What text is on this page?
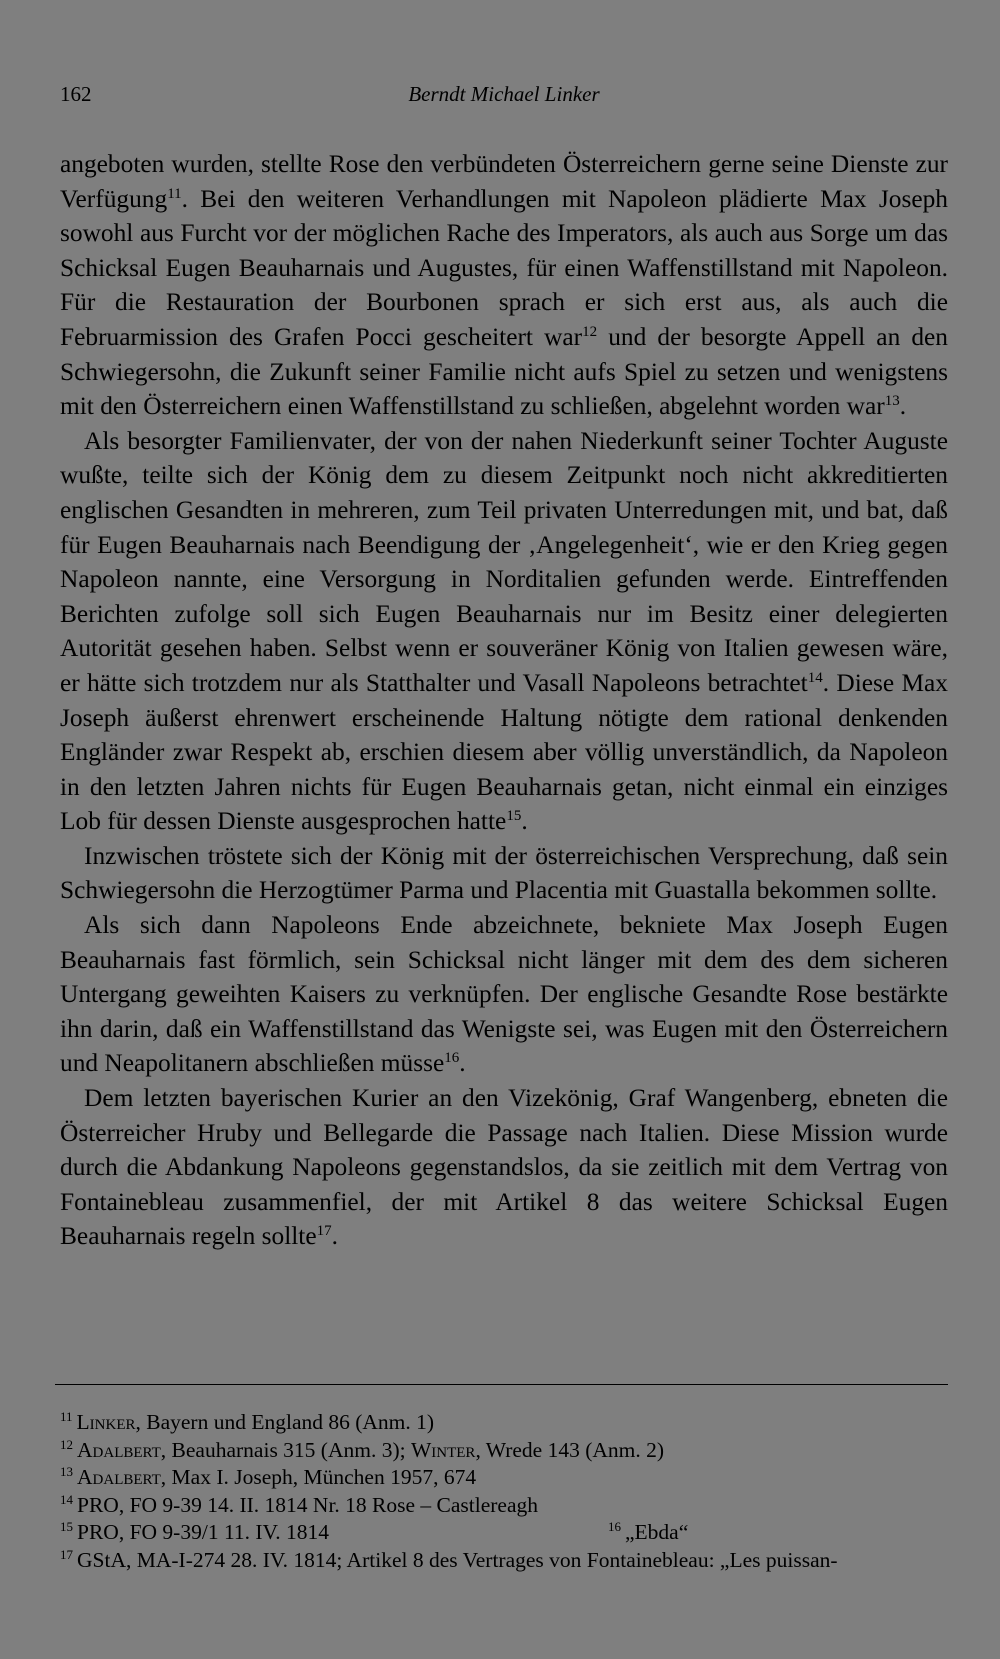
162	Berndt Michael Linker

angeboten wurden, stellte Rose den verbündeten Österreichern gerne seine Dienste zur Verfügung$^{11}$. Bei den weiteren Verhandlungen mit Napoleon plädierte Max Joseph sowohl aus Furcht vor der möglichen Rache des Imperators, als auch aus Sorge um das Schicksal Eugen Beauharnais und Augustes, für einen Waffenstillstand mit Napoleon. Für die Restauration der Bourbonen sprach er sich erst aus, als auch die Februarmission des Grafen Pocci gescheitert war$^{12}$ und der besorgte Appell an den Schwiegersohn, die Zukunft seiner Familie nicht aufs Spiel zu setzen und wenigstens mit den Österreichern einen Waffenstillstand zu schließen, abgelehnt worden war$^{13}$.

Als besorgter Familienvater, der von der nahen Niederkunft seiner Tochter Auguste wußte, teilte sich der König dem zu diesem Zeitpunkt noch nicht akkreditierten englischen Gesandten in mehreren, zum Teil privaten Unterredungen mit, und bat, daß für Eugen Beauharnais nach Beendigung der ‚Angelegenheit‘, wie er den Krieg gegen Napoleon nannte, eine Versorgung in Norditalien gefunden werde. Eintreffenden Berichten zufolge soll sich Eugen Beauharnais nur im Besitz einer delegierten Autorität gesehen haben. Selbst wenn er souveräner König von Italien gewesen wäre, er hätte sich trotzdem nur als Statthalter und Vasall Napoleons betrachtet$^{14}$. Diese Max Joseph äußerst ehrenwert erscheinende Haltung nötigte dem rational denkenden Engländer zwar Respekt ab, erschien diesem aber völlig unverständlich, da Napoleon in den letzten Jahren nichts für Eugen Beauharnais getan, nicht einmal ein einziges Lob für dessen Dienste ausgesprochen hatte$^{15}$.

Inzwischen tröstete sich der König mit der österreichischen Versprechung, daß sein Schwiegersohn die Herzogtümer Parma und Placentia mit Guastalla bekommen sollte.

Als sich dann Napoleons Ende abzeichnete, bekniete Max Joseph Eugen Beauharnais fast förmlich, sein Schicksal nicht länger mit dem des dem sicheren Untergang geweihten Kaisers zu verknüpfen. Der englische Gesandte Rose bestärkte ihn darin, daß ein Waffenstillstand das Wenigste sei, was Eugen mit den Österreichern und Neapolitanern abschließen müsse$^{16}$.

Dem letzten bayerischen Kurier an den Vizekönig, Graf Wangenberg, ebneten die Österreicher Hruby und Bellegarde die Passage nach Italien. Diese Mission wurde durch die Abdankung Napoleons gegenstandslos, da sie zeitlich mit dem Vertrag von Fontainebleau zusammenfiel, der mit Artikel 8 das weitere Schicksal Eugen Beauharnais regeln sollte$^{17}$.

$^{11}$ Linker, Bayern und England 86 (Anm. 1)

$^{12}$ Adalbert, Beauharnais 315 (Anm. 3); Winter, Wrede 143 (Anm. 2)

$^{13}$ Adalbert, Max I. Joseph, München 1957, 674

$^{14}$ PRO, FO 9-39 14. II. 1814 Nr. 18 Rose – Castlereagh

$^{15}$ PRO, FO 9-39/1 11. IV. 1814	$^{16}$ „Ebda“

$^{17}$ GStA, MA-I-274 28. IV. 1814; Artikel 8 des Vertrages von Fontainebleau: „Les puissan-
